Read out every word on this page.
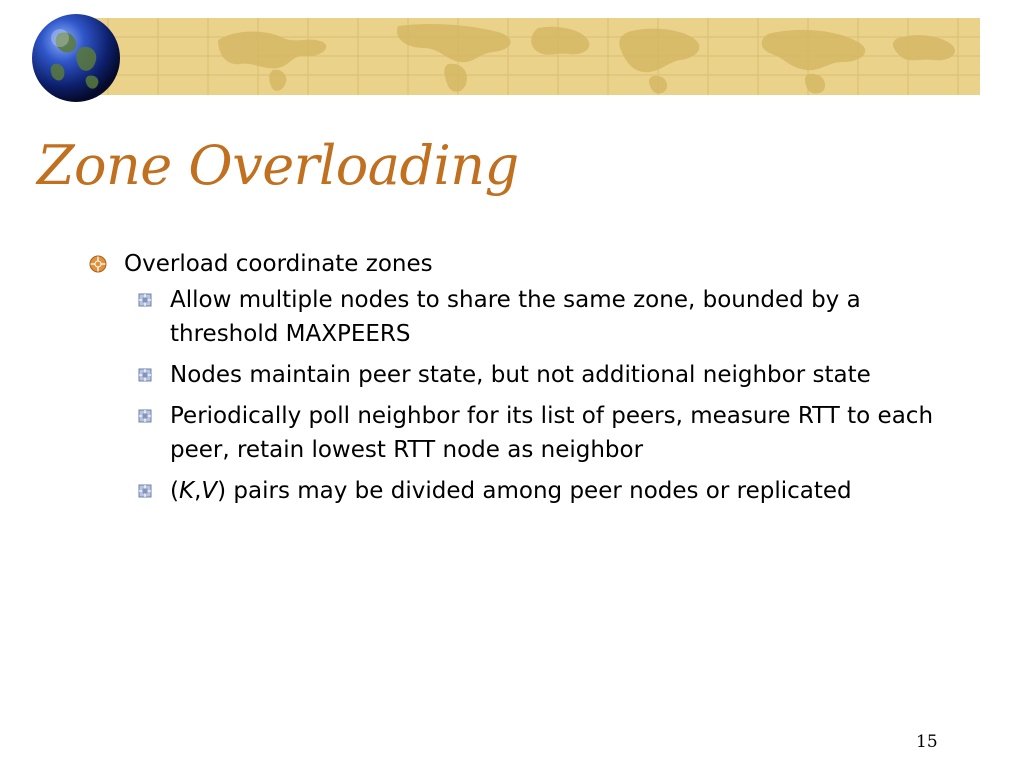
Zone Overloading
Overload coordinate zones
Allow multiple nodes to share the same zone, bounded by a threshold MAXPEERS
Nodes maintain peer state, but not additional neighbor state
Periodically poll neighbor for its list of peers, measure RTT to each peer, retain lowest RTT node as neighbor
(K,V) pairs may be divided among peer nodes or replicated
15
